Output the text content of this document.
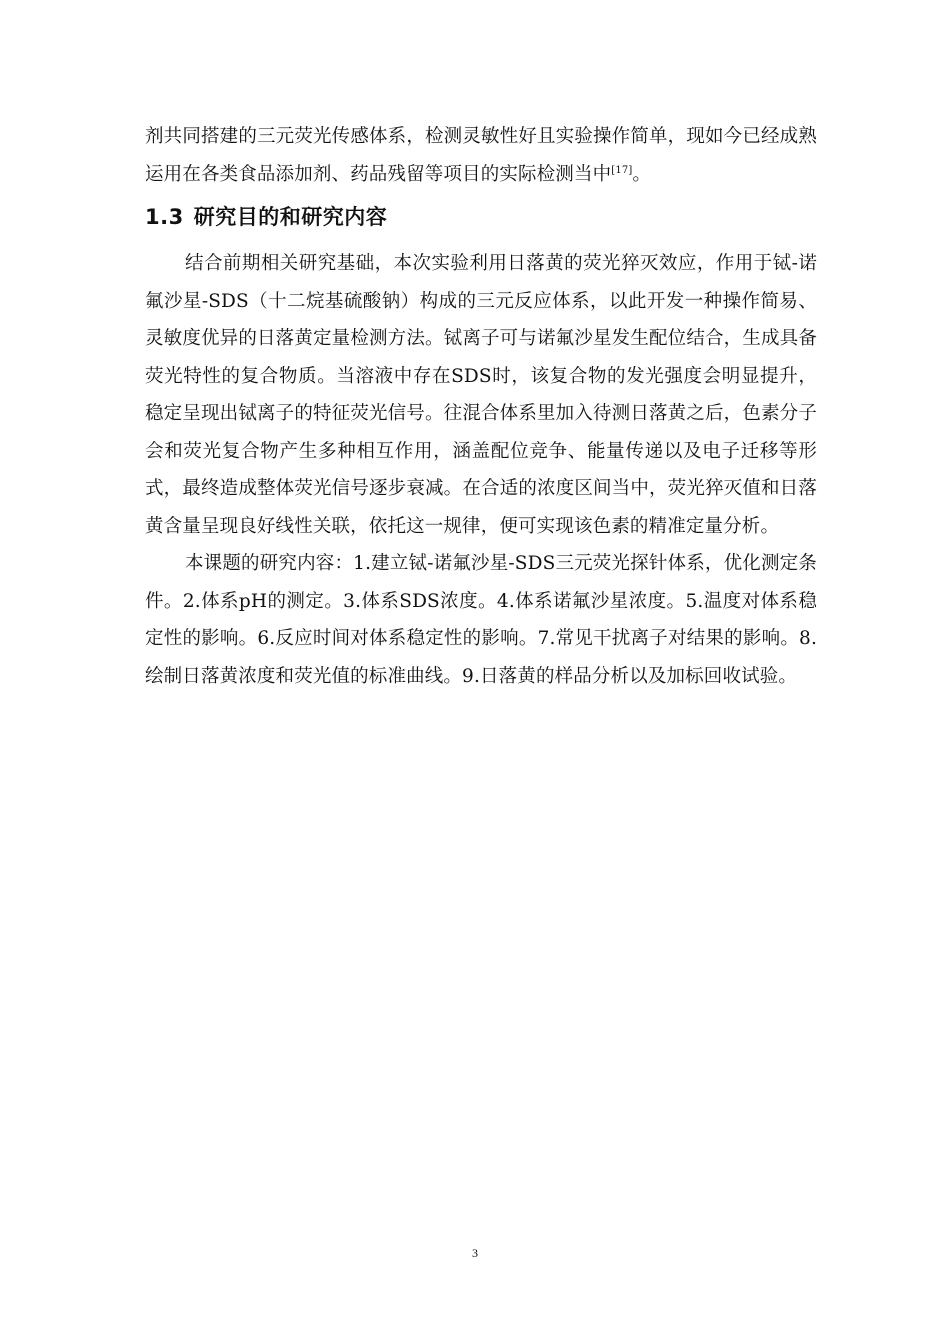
剂共同搭建的三元荧光传感体系，检测灵敏性好且实验操作简单，现如今已经成熟运用在各类食品添加剂、药品残留等项目的实际检测当中[17]。

1.3 研究目的和研究内容

结合前期相关研究基础，本次实验利用日落黄的荧光猝灭效应，作用于铽-诺氟沙星-SDS（十二烷基硫酸钠）构成的三元反应体系，以此开发一种操作简易、灵敏度优异的日落黄定量检测方法。铽离子可与诺氟沙星发生配位结合，生成具备荧光特性的复合物质。当溶液中存在SDS时，该复合物的发光强度会明显提升，稳定呈现出铽离子的特征荧光信号。往混合体系里加入待测日落黄之后，色素分子会和荧光复合物产生多种相互作用，涵盖配位竞争、能量传递以及电子迁移等形式，最终造成整体荧光信号逐步衰减。在合适的浓度区间当中，荧光猝灭值和日落黄含量呈现良好线性关联，依托这一规律，便可实现该色素的精准定量分析。

本课题的研究内容：1.建立铽-诺氟沙星-SDS三元荧光探针体系，优化测定条件。2.体系pH的测定。3.体系SDS浓度。4.体系诺氟沙星浓度。5.温度对体系稳定性的影响。6.反应时间对体系稳定性的影响。7.常见干扰离子对结果的影响。8.绘制日落黄浓度和荧光值的标准曲线。9.日落黄的样品分析以及加标回收试验。

3
